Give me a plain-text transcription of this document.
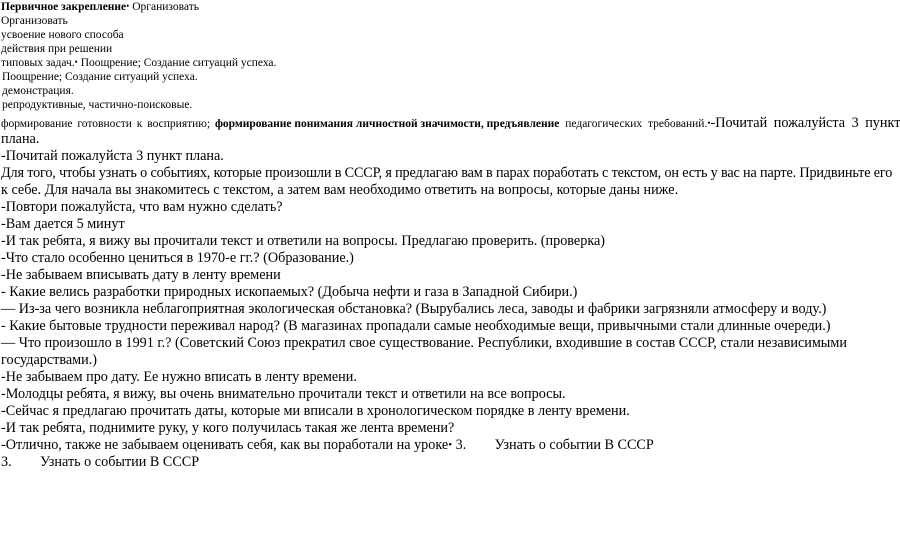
Первичное закрепление• Организовать

Организовать

усвоение нового способа

действия при решении

типовых задач.• Поощрение; Создание ситуаций успеха.

Поощрение; Создание ситуаций успеха.

демонстрация.

репродуктивные, частично-поисковые.

формирование готовности к восприятию; формирование понимания личностной значимости, предъявление педагогических требований.•-Почитай пожалуйста 3 пункт

плана.

-Почитай пожалуйста 3 пункт плана.

Для того, чтобы узнать о событиях, которые произошли в СССР, я предлагаю вам в парах поработать с текстом, он есть у вас на парте. Придвиньте его

к себе. Для начала вы знакомитесь с текстом, а затем вам необходимо ответить на вопросы, которые даны ниже.

-Повтори пожалуйста, что вам нужно сделать?

-Вам дается 5 минут

-И так ребята, я вижу вы прочитали текст и ответили на вопросы. Предлагаю проверить. (проверка)

-Что стало особенно цениться в 1970-е гг.? (Образование.)

-Не забываем вписывать дату в ленту времени

- Какие велись разработки природных ископаемых? (Добыча нефти и газа в Западной Сибири.)

— Из-за чего возникла неблагоприятная экологическая обстановка? (Вырубались леса, заводы и фабрики загрязняли атмосферу и воду.)

- Какие бытовые трудности переживал народ? (В магазинах пропадали самые необходимые вещи, привычными стали длинные очереди.)

— Что произошло в 1991 г.? (Советский Союз прекратил свое существование. Республики, входившие в состав СССР, стали независимыми

государствами.)

-Не забываем про дату. Ее нужно вписать в ленту времени.

-Молодцы ребята, я вижу, вы очень внимательно прочитали текст и ответили на все вопросы.

-Сейчас я предлагаю прочитать даты, которые ми вписали в хронологическом порядке в ленту времени.

-И так ребята, поднимите руку, у кого получилась такая же лента времени?

-Отлично, также не забываем оценивать себя, как вы поработали на уроке• 3.        Узнать о событии В СССР

3.        Узнать о событии В СССР
